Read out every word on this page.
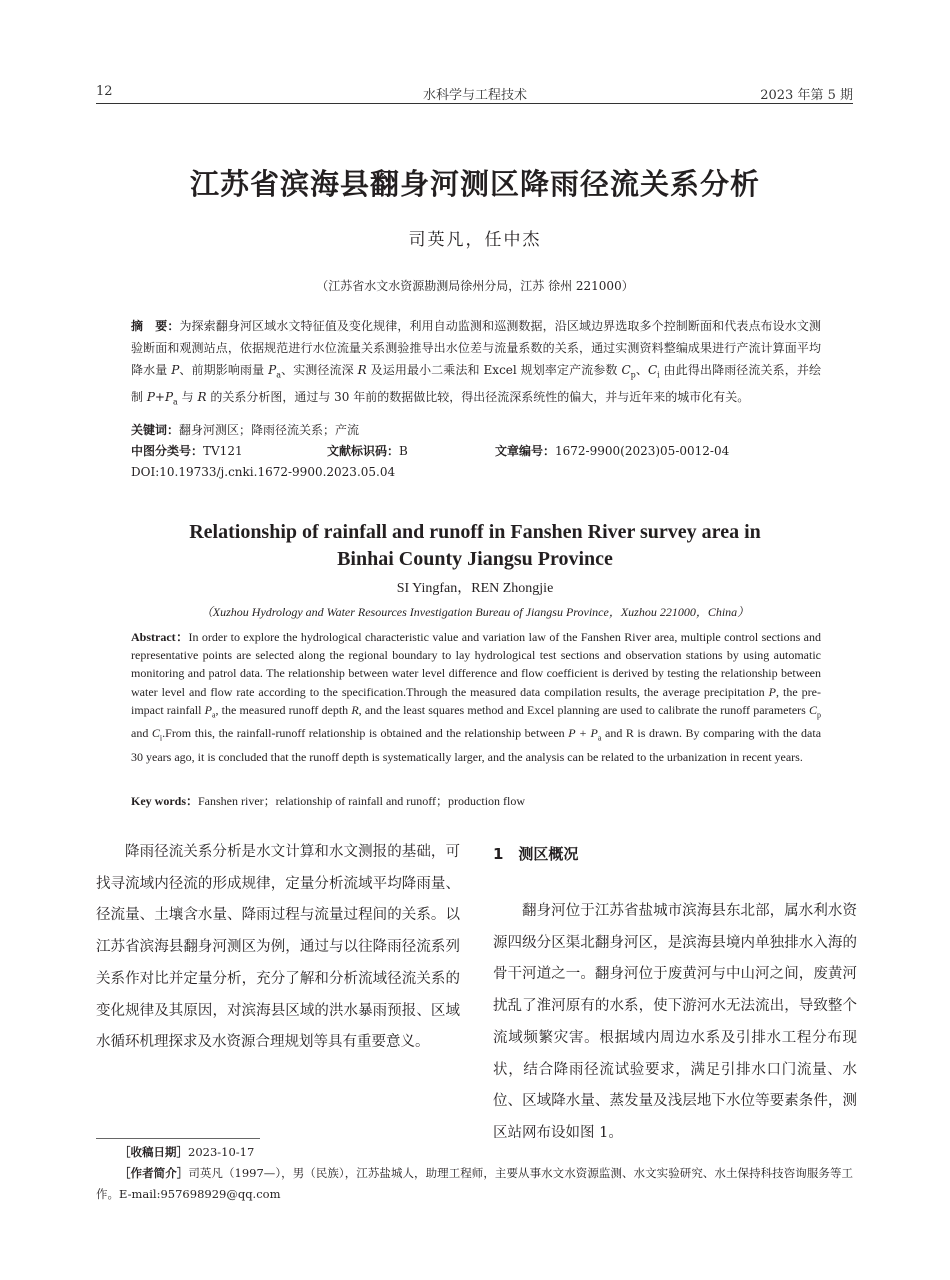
12	水科学与工程技术	2023 年第 5 期
江苏省滨海县翻身河测区降雨径流关系分析
司英凡，任中杰
（江苏省水文水资源勘测局徐州分局，江苏 徐州 221000）
摘　要：为探索翻身河区域水文特征值及变化规律，利用自动监测和巡测数据，沿区域边界选取多个控制断面和代表点布设水文测验断面和观测站点，依据规范进行水位流量关系测验推导出水位差与流量系数的关系，通过实测资料整编成果进行产流计算面平均降水量 P、前期影响雨量 $P_a$、实测径流深 R 及运用最小二乘法和 Excel 规划率定产流参数 $C_p$、$C_i$ 由此得出降雨径流关系，并绘制 $P+P_a$ 与 R 的关系分析图，通过与 30 年前的数据做比较，得出径流深系统性的偏大，并与近年来的城市化有关。
关键词：翻身河测区；降雨径流关系；产流
中图分类号：TV121	文献标识码：B	文章编号：1672-9900(2023)05-0012-04
DOI:10.19733/j.cnki.1672-9900.2023.05.04
Relationship of rainfall and runoff in Fanshen River survey area in
Binhai County Jiangsu Province
SI Yingfan，REN Zhongjie
（Xuzhou Hydrology and Water Resources Investigation Bureau of Jiangsu Province，Xuzhou 221000，China）
Abstract：In order to explore the hydrological characteristic value and variation law of the Fanshen River area, multiple control sections and representative points are selected along the regional boundary to lay hydrological test sections and observation stations by using automatic monitoring and patrol data. The relationship between water level difference and flow coefficient is derived by testing the relationship between water level and flow rate according to the specification.Through the measured data compilation results, the average precipitation P, the pre-impact rainfall $P_a$, the measured runoff depth R, and the least squares method and Excel planning are used to calibrate the runoff parameters $C_p$ and $C_i.From$ this, the rainfall-runoff relationship is obtained and the relationship between $P + P_a$ and R is drawn. By comparing with the data 30 years ago, it is concluded that the runoff depth is systematically larger, and the analysis can be related to the urbanization in recent years.
Key words：Fanshen river；relationship of rainfall and runoff；production flow

降雨径流关系分析是水文计算和水文测报的基础，可找寻流域内径流的形成规律，定量分析流域平均降雨量、径流量、土壤含水量、降雨过程与流量过程间的关系。以江苏省滨海县翻身河测区为例，通过与以往降雨径流系列关系作对比并定量分析，充分了解和分析流域径流关系的变化规律及其原因，对滨海县区域的洪水暴雨预报、区域水循环机理探求及水资源合理规划等具有重要意义。

1　测区概况

翻身河位于江苏省盐城市滨海县东北部，属水利水资源四级分区渠北翻身河区，是滨海县境内单独排水入海的骨干河道之一。翻身河位于废黄河与中山河之间，废黄河扰乱了淮河原有的水系，使下游河水无法流出，导致整个流域频繁灾害。根据域内周边水系及引排水工程分布现状，结合降雨径流试验要求，满足引排水口门流量、水位、区域降水量、蒸发量及浅层地下水位等要素条件，测区站网布设如图 1。

［收稿日期］2023-10-17
［作者简介］司英凡（1997—），男（民族），江苏盐城人，助理工程师，主要从事水文水资源监测、水文实验研究、水土保持科技咨询服务等工作。E-mail:957698929@qq.com
